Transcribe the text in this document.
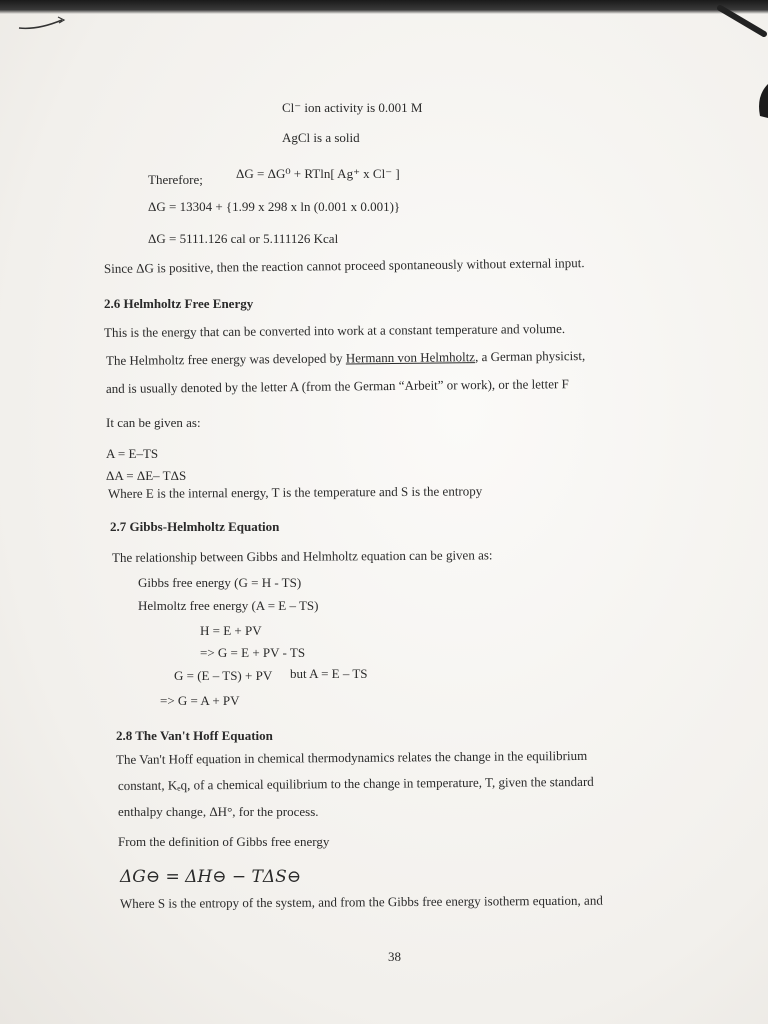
Cl⁻ ion activity is 0.001 M
AgCl is a solid
Therefore;	ΔG = ΔG⁰ + RTln[ Ag⁺ x Cl⁻ ]
ΔG = 13304 + {1.99 x 298 x ln (0.001 x 0.001)}
ΔG = 5111.126 cal or 5.111126 Kcal
Since ΔG is positive, then the reaction cannot proceed spontaneously without external input.
2.6 Helmholtz Free Energy
This is the energy that can be converted into work at a constant temperature and volume.
The Helmholtz free energy was developed by Hermann von Helmholtz, a German physicist,
and is usually denoted by the letter A (from the German “Arbeit” or work), or the letter F
It can be given as:
A = E–TS
ΔA = ΔE– TΔS
Where E is the internal energy, T is the temperature and S is the entropy
2.7 Gibbs-Helmholtz Equation
The relationship between Gibbs and Helmholtz equation can be given as:
Gibbs free energy (G = H - TS)
Helmoltz free energy (A = E – TS)
H = E + PV
=> G = E + PV - TS
G = (E – TS) + PV but A = E – TS
=> G = A + PV
2.8 The Van't Hoff Equation
The Van't Hoff equation in chemical thermodynamics relates the change in the equilibrium
constant, Kₑq, of a chemical equilibrium to the change in temperature, T, given the standard
enthalpy change, ΔH°, for the process.
From the definition of Gibbs free energy
ΔG⊖ = ΔH⊖ − TΔS⊖
Where S is the entropy of the system, and from the Gibbs free energy isotherm equation, and
38
